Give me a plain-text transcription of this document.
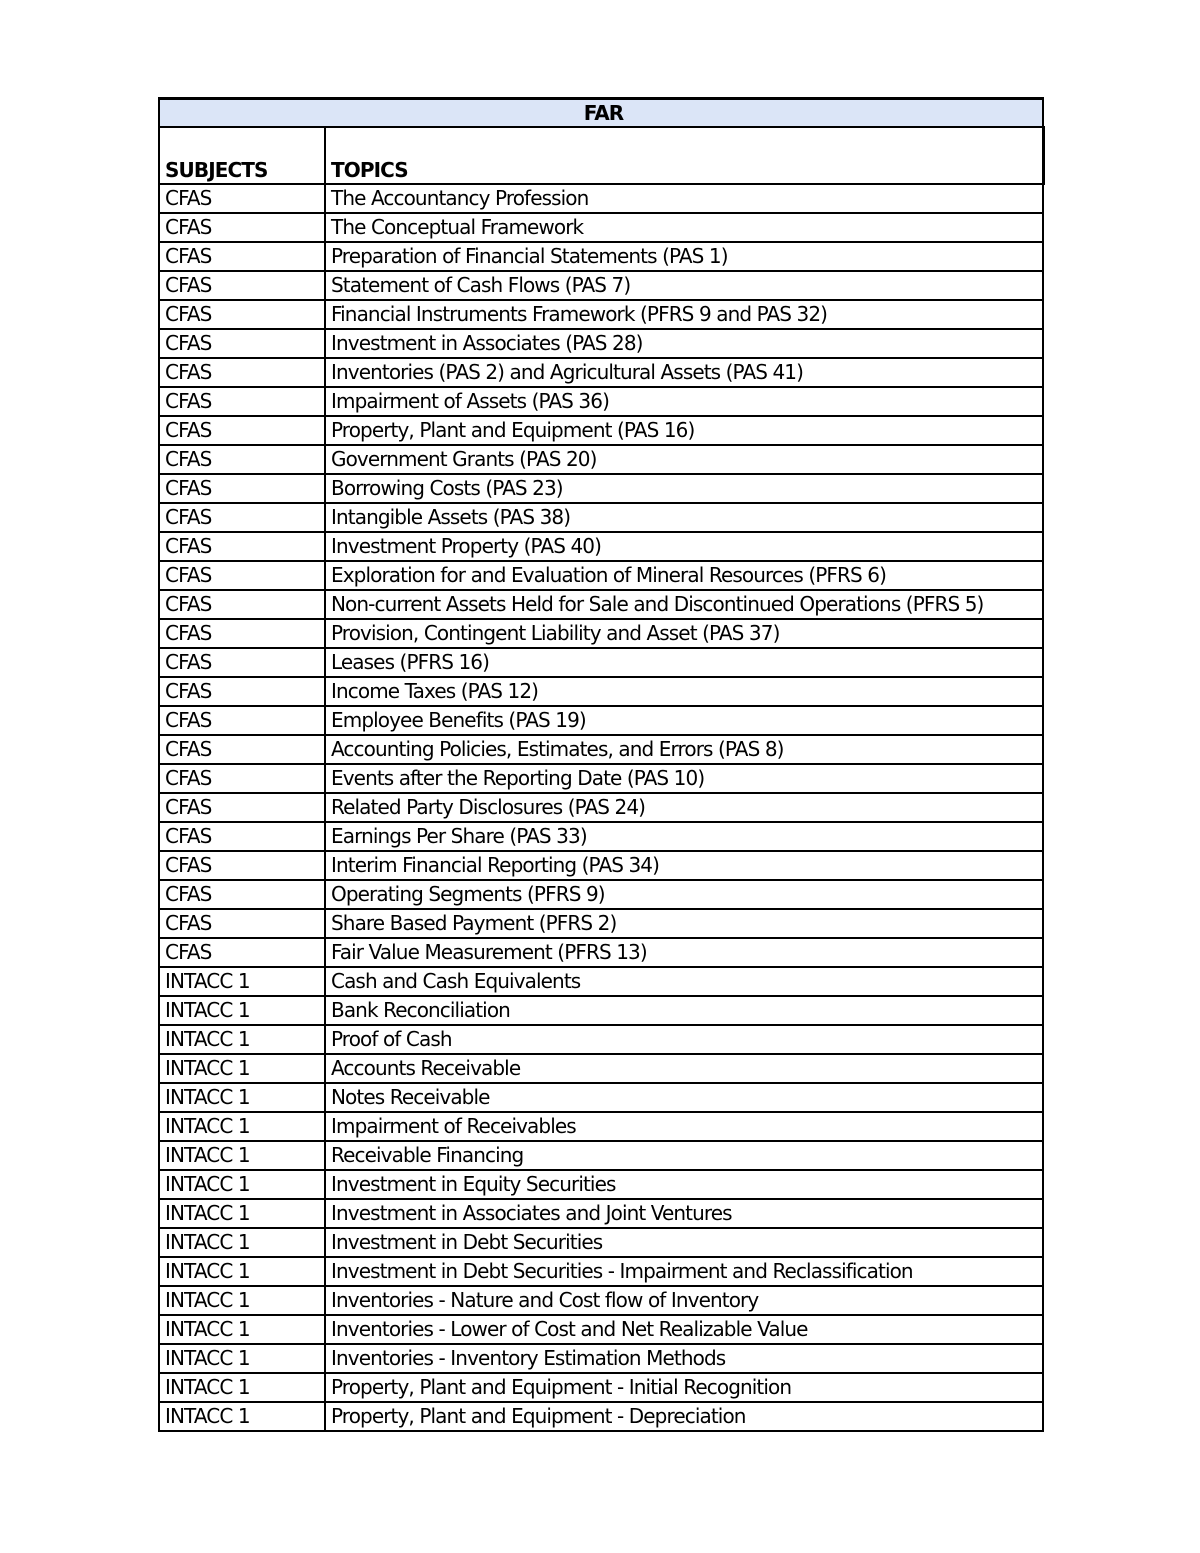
FAR	
SUBJECTS	TOPICS
CFAS	The Accountancy Profession
CFAS	The Conceptual Framework
CFAS	Preparation of Financial Statements (PAS 1)
CFAS	Statement of Cash Flows (PAS 7)
CFAS	Financial Instruments Framework (PFRS 9 and PAS 32)
CFAS	Investment in Associates (PAS 28)
CFAS	Inventories (PAS 2) and Agricultural Assets (PAS 41)
CFAS	Impairment of Assets (PAS 36)
CFAS	Property, Plant and Equipment (PAS 16)
CFAS	Government Grants (PAS 20)
CFAS	Borrowing Costs (PAS 23)
CFAS	Intangible Assets (PAS 38)
CFAS	Investment Property (PAS 40)
CFAS	Exploration for and Evaluation of Mineral Resources (PFRS 6)
CFAS	Non-current Assets Held for Sale and Discontinued Operations (PFRS 5)
CFAS	Provision, Contingent Liability and Asset (PAS 37)
CFAS	Leases (PFRS 16)
CFAS	Income Taxes (PAS 12)
CFAS	Employee Benefits (PAS 19)
CFAS	Accounting Policies, Estimates, and Errors (PAS 8)
CFAS	Events after the Reporting Date (PAS 10)
CFAS	Related Party Disclosures (PAS 24)
CFAS	Earnings Per Share (PAS 33)
CFAS	Interim Financial Reporting (PAS 34)
CFAS	Operating Segments (PFRS 9)
CFAS	Share Based Payment (PFRS 2)
CFAS	Fair Value Measurement (PFRS 13)
INTACC 1	Cash and Cash Equivalents
INTACC 1	Bank Reconciliation
INTACC 1	Proof of Cash
INTACC 1	Accounts Receivable
INTACC 1	Notes Receivable
INTACC 1	Impairment of Receivables
INTACC 1	Receivable Financing
INTACC 1	Investment in Equity Securities
INTACC 1	Investment in Associates and Joint Ventures
INTACC 1	Investment in Debt Securities
INTACC 1	Investment in Debt Securities - Impairment and Reclassification
INTACC 1	Inventories - Nature and Cost flow of Inventory
INTACC 1	Inventories - Lower of Cost and Net Realizable Value
INTACC 1	Inventories - Inventory Estimation Methods
INTACC 1	Property, Plant and Equipment - Initial Recognition
INTACC 1	Property, Plant and Equipment - Depreciation
